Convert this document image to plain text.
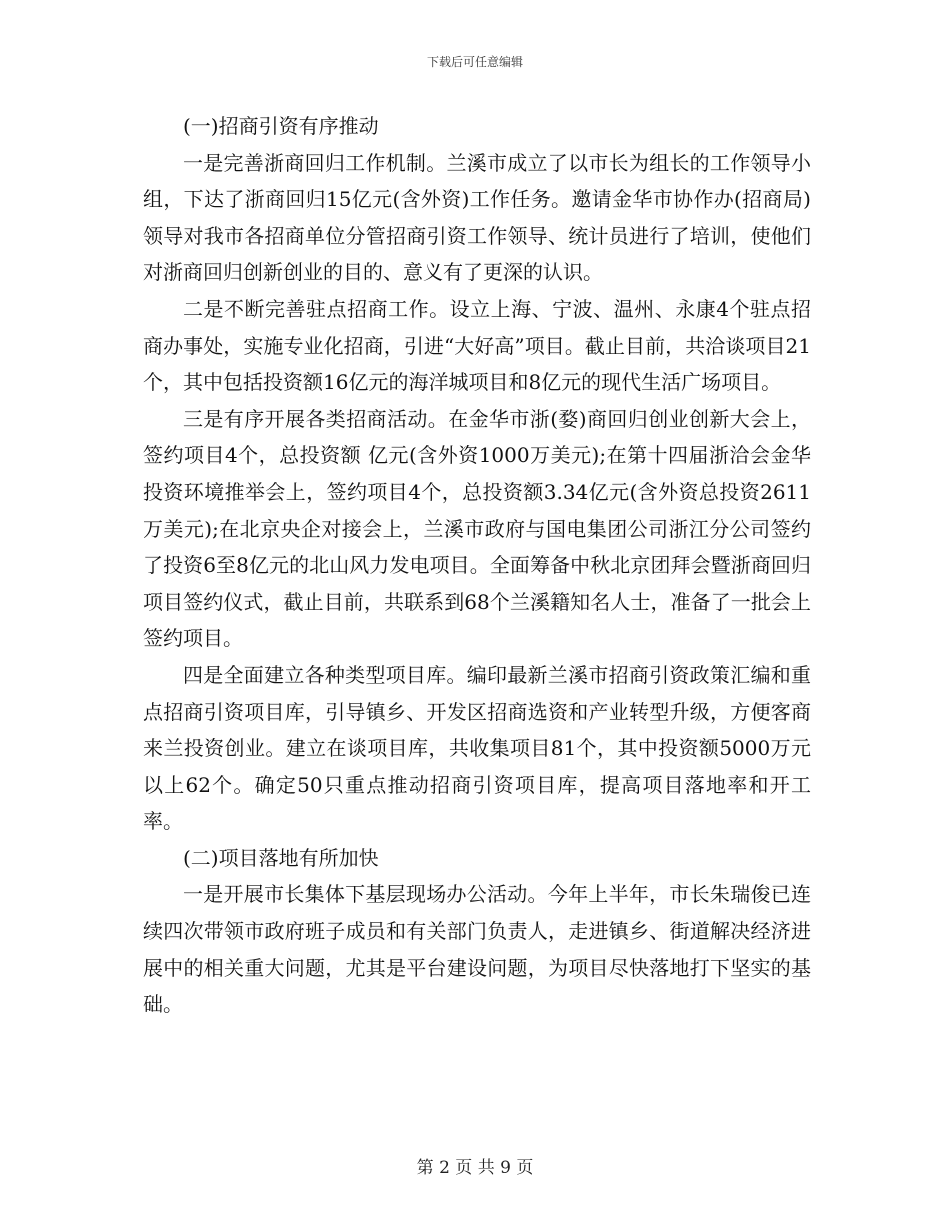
下载后可任意编辑

(一)招商引资有序推动

一是完善浙商回归工作机制。兰溪市成立了以市长为组长的工作领导小组，下达了浙商回归15亿元(含外资)工作任务。邀请金华市协作办(招商局)领导对我市各招商单位分管招商引资工作领导、统计员进行了培训，使他们对浙商回归创新创业的目的、意义有了更深的认识。

二是不断完善驻点招商工作。设立上海、宁波、温州、永康4个驻点招商办事处，实施专业化招商，引进“大好高”项目。截止目前，共洽谈项目21个，其中包括投资额16亿元的海洋城项目和8亿元的现代生活广场项目。

三是有序开展各类招商活动。在金华市浙(婺)商回归创业创新大会上，签约项目4个，总投资额 亿元(含外资1000万美元);在第十四届浙洽会金华投资环境推举会上，签约项目4个，总投资额3.34亿元(含外资总投资2611万美元);在北京央企对接会上，兰溪市政府与国电集团公司浙江分公司签约了投资6至8亿元的北山风力发电项目。全面筹备中秋北京团拜会暨浙商回归项目签约仪式，截止目前，共联系到68个兰溪籍知名人士，准备了一批会上签约项目。

四是全面建立各种类型项目库。编印最新兰溪市招商引资政策汇编和重点招商引资项目库，引导镇乡、开发区招商选资和产业转型升级，方便客商来兰投资创业。建立在谈项目库，共收集项目81个，其中投资额5000万元以上62个。确定50只重点推动招商引资项目库，提高项目落地率和开工率。

(二)项目落地有所加快

一是开展市长集体下基层现场办公活动。今年上半年，市长朱瑞俊已连续四次带领市政府班子成员和有关部门负责人，走进镇乡、街道解决经济进展中的相关重大问题，尤其是平台建设问题，为项目尽快落地打下坚实的基础。

第 2 页 共 9 页
